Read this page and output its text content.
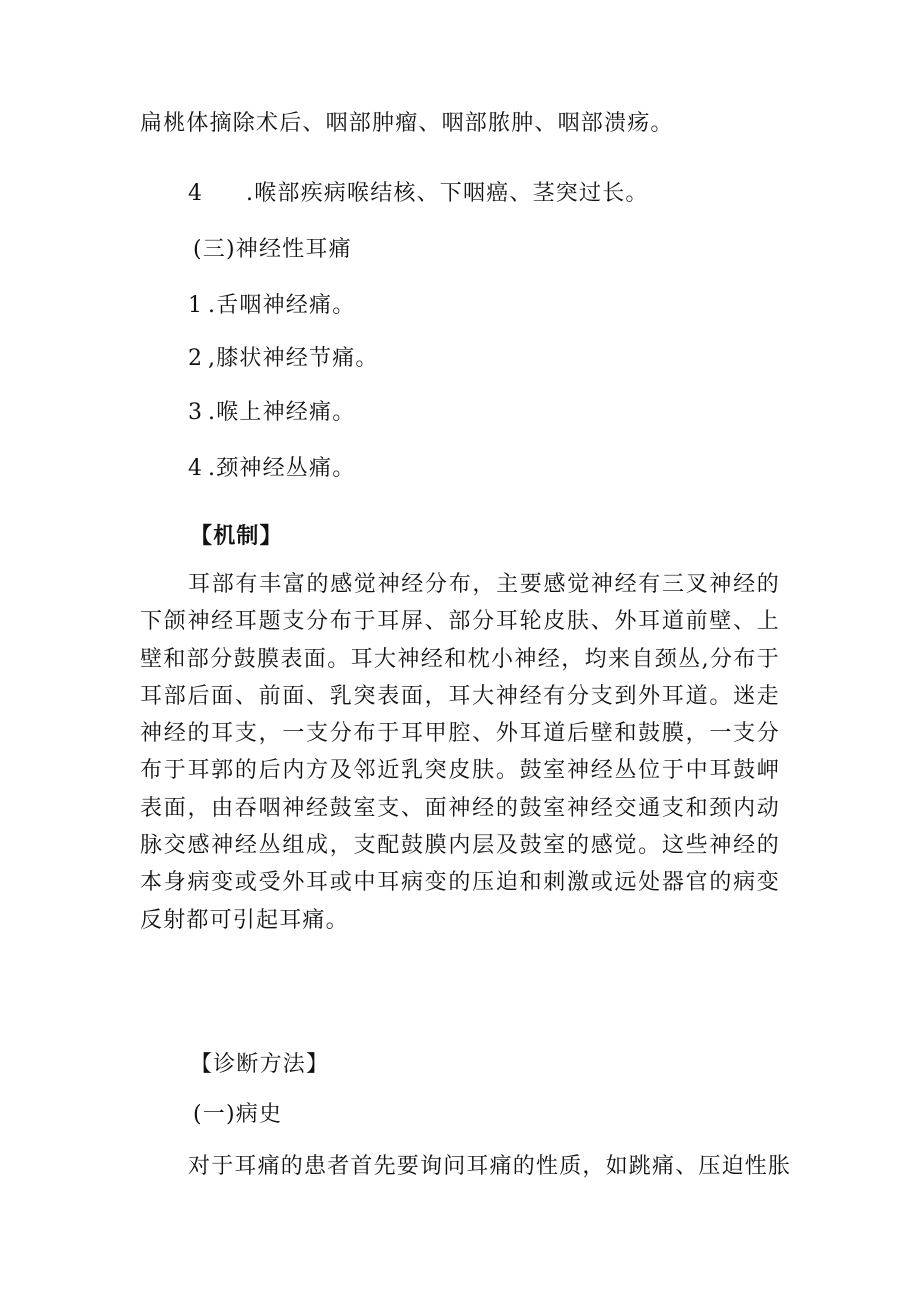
扁桃体摘除术后、咽部肿瘤、咽部脓肿、咽部溃疡。
4 .喉部疾病喉结核、下咽癌、茎突过长。
(三)神经性耳痛
1 .舌咽神经痛。
2 ,膝状神经节痛。
3 .喉上神经痛。
4 .颈神经丛痛。
【机制】
耳部有丰富的感觉神经分布，主要感觉神经有三叉神经的下颌神经耳题支分布于耳屏、部分耳轮皮肤、外耳道前壁、上壁和部分鼓膜表面。耳大神经和枕小神经，均来自颈丛,分布于耳部后面、前面、乳突表面，耳大神经有分支到外耳道。迷走神经的耳支，一支分布于耳甲腔、外耳道后壁和鼓膜，一支分布于耳郭的后内方及邻近乳突皮肤。鼓室神经丛位于中耳鼓岬表面，由吞咽神经鼓室支、面神经的鼓室神经交通支和颈内动脉交感神经丛组成，支配鼓膜内层及鼓室的感觉。这些神经的本身病变或受外耳或中耳病变的压迫和刺激或远处器官的病变反射都可引起耳痛。
【诊断方法】
(一)病史
对于耳痛的患者首先要询问耳痛的性质，如跳痛、压迫性胀
